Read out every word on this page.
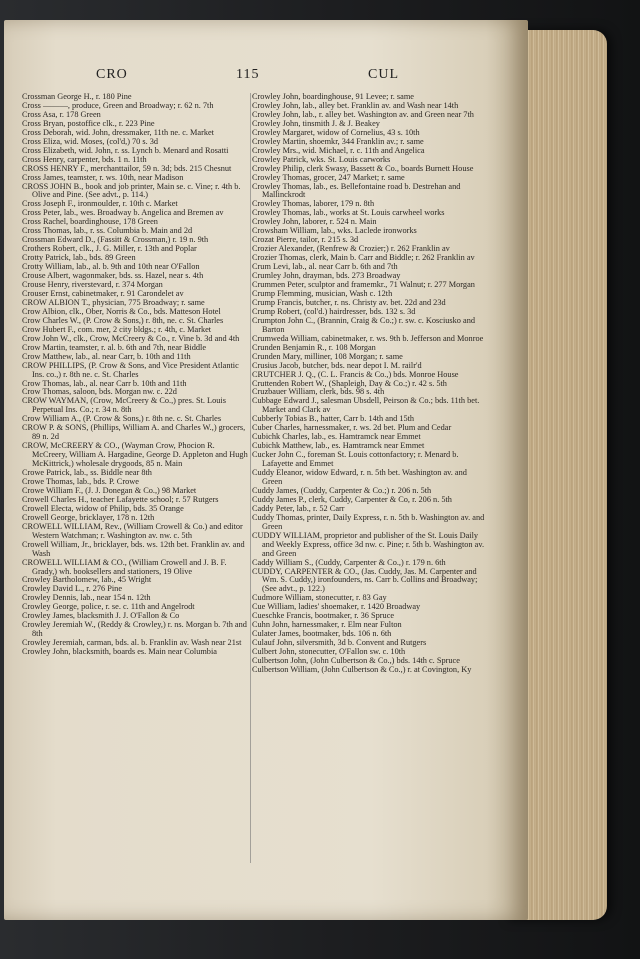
CRO	115	CUL

Crossman George H., r. 180 Pine

Cross ———, produce, Green and Broadway; r. 62 n. 7th

Cross Asa, r. 178 Green

Cross Bryan, postoffice clk., r. 223 Pine

Cross Deborah, wid. John, dressmaker, 11th ne. c. Market

Cross Eliza, wid. Moses, (col'd,) 70 s. 3d

Cross Elizabeth, wid. John, r. ss. Lynch b. Menard and Rosatti

Cross Henry, carpenter, bds. 1 n. 11th

CROSS HENRY F., merchanttailor, 59 n. 3d; bds. 215 Chesnut

Cross James, teamster, r. ws. 10th, near Madison

CROSS JOHN B., book and job printer, Main se. c. Vine; r. 4th b. Olive and Pine. (See advt., p. 114.)

Cross Joseph F., ironmoulder, r. 10th c. Market

Cross Peter, lab., wes. Broadway b. Angelica and Bremen av

Cross Rachel, boardinghouse, 178 Green

Cross Thomas, lab., r. ss. Columbia b. Main and 2d

Crossman Edward D., (Fassitt & Crossman,) r. 19 n. 9th

Crothers Robert, clk., J. G. Miller, r. 13th and Poplar

Crotty Patrick, lab., bds. 89 Green

Crotty William, lab., al. b. 9th and 10th near O'Fallon

Crouse Albert, wagonmaker, bds. ss. Hazel, near s. 4th

Crouse Henry, riverstevard, r. 374 Morgan

Crouser Ernst, cabinetmaker, r. 91 Carondelet av

CROW ALBION T., physician, 775 Broadway; r. same

Crow Albion, clk., Ober, Norris & Co., bds. Matteson Hotel

Crow Charles W., (P. Crow & Sons,) r. 8th, ne. c. St. Charles

Crow Hubert F., com. mer, 2 city bldgs.; r. 4th, c. Market

Crow John W., clk., Crow, McCreery & Co., r. Vine b. 3d and 4th

Crow Martin, teamster, r. al. b. 6th and 7th, near Biddle

Crow Matthew, lab., al. near Carr, b. 10th and 11th

CROW PHILLIPS, (P. Crow & Sons, and Vice President Atlantic Ins. co.,) r. 8th ne. c. St. Charles

Crow Thomas, lab., al. near Carr b. 10th and 11th

Crow Thomas, saloon, bds. Morgan nw. c. 22d

CROW WAYMAN, (Crow, McCreery & Co.,) pres. St. Louis Perpetual Ins. Co.; r. 34 n. 8th

Crow William A., (P. Crow & Sons,) r. 8th ne. c. St. Charles

CROW P. & SONS, (Phillips, William A. and Charles W.,) grocers, 89 n. 2d

CROW, McCREERY & CO., (Wayman Crow, Phocion R. McCreery, William A. Hargadine, George D. Appleton and Hugh McKittrick,) wholesale drygoods, 85 n. Main

Crowe Patrick, lab., ss. Biddle near 8th

Crowe Thomas, lab., bds. P. Crowe

Crowe William F., (J. J. Donegan & Co.,) 98 Market

Crowell Charles H., teacher Lafayette school; r. 57 Rutgers

Crowell Electa, widow of Philip, bds. 35 Orange

Crowell George, bricklayer, 178 n. 12th

CROWELL WILLIAM, Rev., (William Crowell & Co.) and editor Western Watchman; r. Washington av. nw. c. 5th

Crowell William, Jr., bricklayer, bds. ws. 12th bet. Franklin av. and Wash

CROWELL WILLIAM & CO., (William Crowell and J. B. F. Grady,) wh. booksellers and stationers, 19 Olive

Crowley Bartholomew, lab., 45 Wright

Crowley David L., r. 276 Pine

Crowley Dennis, lab., near 154 n. 12th

Crowley George, police, r. se. c. 11th and Angelrodt

Crowley James, blacksmith J. J. O'Fallon & Co

Crowley Jeremiah W., (Reddy & Crowley,) r. ns. Morgan b. 7th and 8th

Crowley Jeremiah, carman, bds. al. b. Franklin av. Wash near 21st

Crowley John, blacksmith, boards es. Main near Columbia

Crowley John, boardinghouse, 91 Levee; r. same

Crowley John, lab., alley bet. Franklin av. and Wash near 14th

Crowley John, lab., r. alley bet. Washington av. and Green near 7th

Crowley John, tinsmith J. & J. Beakey

Crowley Margaret, widow of Cornelius, 43 s. 10th

Crowley Martin, shoemkr, 344 Franklin av.; r. same

Crowley Mrs., wid. Michael, r. c. 11th and Angelica

Crowley Patrick, wks. St. Louis carworks

Crowley Philip, clerk Swasy, Bassett & Co., boards Burnett House

Crowley Thomas, grocer, 247 Market; r. same

Crowley Thomas, lab., es. Bellefontaine road b. Destrehan and Mallinckrodt

Crowley Thomas, laborer, 179 n. 8th

Crowley Thomas, lab., works at St. Louis carwheel works

Crowley John, laborer, r. 524 n. Main

Crowsham William, lab., wks. Laclede ironworks

Crozat Pierre, tailor, r. 215 s. 3d

Crozier Alexander, (Renfrew & Crozier;) r. 262 Franklin av

Crozier Thomas, clerk, Main b. Carr and Biddle; r. 262 Franklin av

Crum Levi, lab., al. near Carr b. 6th and 7th

Crumley John, drayman, bds. 273 Broadway

Crummen Peter, sculptor and framemkr., 71 Walnut; r. 277 Morgan

Crump Flemming, musician, Wash c. 12th

Crump Francis, butcher, r. ns. Christy av. bet. 22d and 23d

Crump Robert, (col'd.) hairdresser, bds. 132 s. 3d

Crumpton John C., (Brannin, Craig & Co.;) r. sw. c. Kosciusko and Barton

Crumweda William, cabinetmaker, r. ws. 9th b. Jefferson and Monroe

Crunden Benjamin R., r. 108 Morgan

Crunden Mary, milliner, 108 Morgan; r. same

Crusius Jacob, butcher, bds. near depot I. M. railr'd

CRUTCHER J. Q., (C. L. Francis & Co.,) bds. Monroe House

Cruttenden Robert W., (Shapleigh, Day & Co.;) r. 42 s. 5th

Cruzbauer William, clerk, bds. 98 s. 4th

Cubbage Edward J., salesman Ubsdell, Peirson & Co.; bds. 11th bet. Market and Clark av

Cubberly Tobias B., hatter, Carr b. 14th and 15th

Cuber Charles, harnessmaker, r. ws. 2d bet. Plum and Cedar

Cubichk Charles, lab., es. Hamtramck near Emmet

Cubichk Matthew, lab., es. Hamtramck near Emmet

Cucker John C., foreman St. Louis cottonfactory; r. Menard b. Lafayette and Emmet

Cuddy Eleanor, widow Edward, r. n. 5th bet. Washington av. and Green

Cuddy James, (Cuddy, Carpenter & Co.;) r. 206 n. 5th

Cuddy James P., clerk, Cuddy, Carpenter & Co, r. 206 n. 5th

Caddy Peter, lab., r. 52 Carr

Cuddy Thomas, printer, Daily Express, r. n. 5th b. Washington av. and Green

CUDDY WILLIAM, proprietor and publisher of the St. Louis Daily and Weekly Express, office 3d nw. c. Pine; r. 5th b. Washington av. and Green

Caddy William S., (Cuddy, Carpenter & Co.,) r. 179 n. 6th

CUDDY, CARPENTER & CO., (Jas. Cuddy, Jas. M. Carpenter and Wm. S. Cuddy,) ironfounders, ns. Carr b. Collins and Broadway; (See advt., p. 122.)

Cudmore William, stonecutter, r. 83 Gay

Cue William, ladies' shoemaker, r. 1420 Broadway

Cueschke Francis, bootmaker, r. 36 Spruce

Cuhn John, harnessmaker, r. Elm near Fulton

Culater James, bootmaker, bds. 106 n. 6th

Culauf John, silversmith, 3d b. Convent and Rutgers

Culbert John, stonecutter, O'Fallon sw. c. 10th

Culbertson John, (John Culbertson & Co.,) bds. 14th c. Spruce

Culbertson William, (John Culbertson & Co.,) r. at Covington, Ky
